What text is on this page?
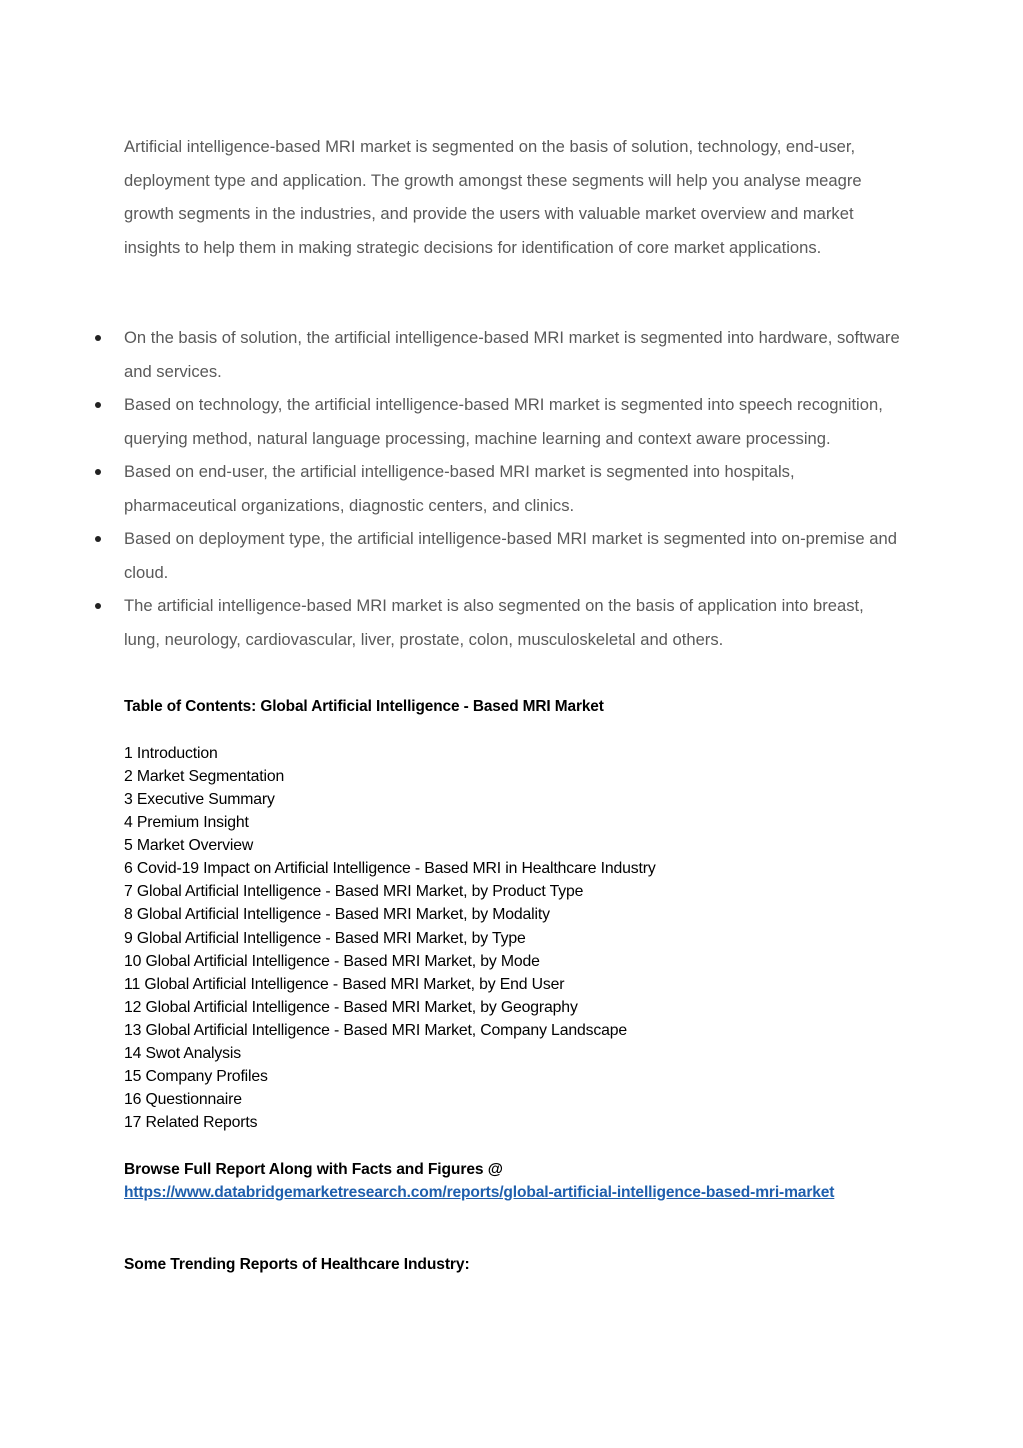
Artificial intelligence-based MRI market is segmented on the basis of solution, technology, end-user, deployment type and application. The growth amongst these segments will help you analyse meagre growth segments in the industries, and provide the users with valuable market overview and market insights to help them in making strategic decisions for identification of core market applications.

On the basis of solution, the artificial intelligence-based MRI market is segmented into hardware, software and services.
Based on technology, the artificial intelligence-based MRI market is segmented into speech recognition, querying method, natural language processing, machine learning and context aware processing.
Based on end-user, the artificial intelligence-based MRI market is segmented into hospitals, pharmaceutical organizations, diagnostic centers, and clinics.
Based on deployment type, the artificial intelligence-based MRI market is segmented into on-premise and cloud.
The artificial intelligence-based MRI market is also segmented on the basis of application into breast, lung, neurology, cardiovascular, liver, prostate, colon, musculoskeletal and others.
Table of Contents: Global Artificial Intelligence - Based MRI Market
1 Introduction
2 Market Segmentation
3 Executive Summary
4 Premium Insight
5 Market Overview
6 Covid-19 Impact on Artificial Intelligence - Based MRI in Healthcare Industry
7 Global Artificial Intelligence - Based MRI Market, by Product Type
8 Global Artificial Intelligence - Based MRI Market, by Modality
9 Global Artificial Intelligence - Based MRI Market, by Type
10 Global Artificial Intelligence - Based MRI Market, by Mode
11 Global Artificial Intelligence - Based MRI Market, by End User
12 Global Artificial Intelligence - Based MRI Market, by Geography
13 Global Artificial Intelligence - Based MRI Market, Company Landscape
14 Swot Analysis
15 Company Profiles
16 Questionnaire
17 Related Reports

Browse Full Report Along with Facts and Figures @

https://www.databridgemarketresearch.com/reports/global-artificial-intelligence-based-mri-market

Some Trending Reports of Healthcare Industry:
